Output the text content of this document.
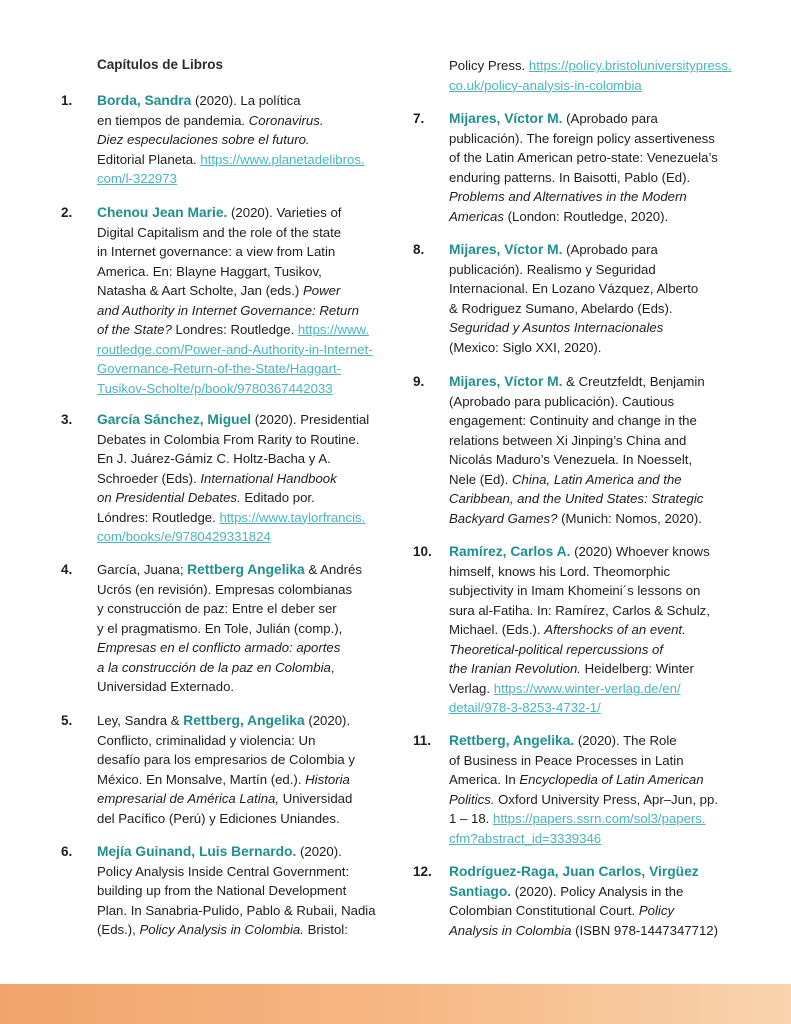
Capítulos de Libros
1. Borda, Sandra (2020). La política
en tiempos de pandemia. Coronavirus.
Diez especulaciones sobre el futuro.
Editorial Planeta. https://www.planetadelibros.
com/l-322973
2. Chenou Jean Marie. (2020). Varieties of
Digital Capitalism and the role of the state
in Internet governance: a view from Latin
America. En: Blayne Haggart, Tusikov,
Natasha & Aart Scholte, Jan (eds.) Power
and Authority in Internet Governance: Return
of the State? Londres: Routledge. https://www.
routledge.com/Power-and-Authority-in-Internet-
Governance-Return-of-the-State/Haggart-
Tusikov-Scholte/p/book/9780367442033
3. García Sánchez, Miguel (2020). Presidential
Debates in Colombia From Rarity to Routine.
En J. Juárez-Gámiz C. Holtz-Bacha y A.
Schroeder (Eds). International Handbook
on Presidential Debates. Editado por.
Lóndres: Routledge. https://www.taylorfrancis.
com/books/e/9780429331824
4. García, Juana; Rettberg Angelika & Andrés
Ucrós (en revisión). Empresas colombianas
y construcción de paz: Entre el deber ser
y el pragmatismo. En Tole, Julián (comp.),
Empresas en el conflicto armado: aportes
a la construcción de la paz en Colombia,
Universidad Externado.
5. Ley, Sandra & Rettberg, Angelika (2020).
Conflicto, criminalidad y violencia: Un
desafío para los empresarios de Colombia y
México. En Monsalve, Martín (ed.). Historia
empresarial de América Latina, Universidad
del Pacífico (Perú) y Ediciones Uniandes.
6. Mejía Guinand, Luis Bernardo. (2020).
Policy Analysis Inside Central Government:
building up from the National Development
Plan. In Sanabria-Pulido, Pablo & Rubaii, Nadia
(Eds.), Policy Analysis in Colombia. Bristol:
Policy Press. https://policy.bristoluniversitypress.
co.uk/policy-analysis-in-colombia
7. Mijares, Víctor M. (Aprobado para
publicación). The foreign policy assertiveness
of the Latin American petro-state: Venezuela’s
enduring patterns. In Baisotti, Pablo (Ed).
Problems and Alternatives in the Modern
Americas (London: Routledge, 2020).
8. Mijares, Víctor M. (Aprobado para
publicación). Realismo y Seguridad
Internacional. En Lozano Vázquez, Alberto
& Rodriguez Sumano, Abelardo (Eds).
Seguridad y Asuntos Internacionales
(Mexico: Siglo XXI, 2020).
9. Mijares, Víctor M. & Creutzfeldt, Benjamin
(Aprobado para publicación). Cautious
engagement: Continuity and change in the
relations between Xi Jinping’s China and
Nicolás Maduro’s Venezuela. In Noesselt,
Nele (Ed). China, Latin America and the
Caribbean, and the United States: Strategic
Backyard Games? (Munich: Nomos, 2020).
10. Ramírez, Carlos A. (2020) Whoever knows
himself, knows his Lord. Theomorphic
subjectivity in Imam Khomeini´s lessons on
sura al-Fatiha. In: Ramírez, Carlos & Schulz,
Michael. (Eds.). Aftershocks of an event.
Theoretical-political repercussions of
the Iranian Revolution. Heidelberg: Winter
Verlag. https://www.winter-verlag.de/en/
detail/978-3-8253-4732-1/
11. Rettberg, Angelika. (2020). The Role
of Business in Peace Processes in Latin
America. In Encyclopedia of Latin American
Politics. Oxford University Press, Apr–Jun, pp.
1 – 18. https://papers.ssrn.com/sol3/papers.
cfm?abstract_id=3339346
12. Rodríguez-Raga, Juan Carlos, Virgüez
Santiago. (2020). Policy Analysis in the
Colombian Constitutional Court. Policy
Analysis in Colombia (ISBN 978-1447347712)
